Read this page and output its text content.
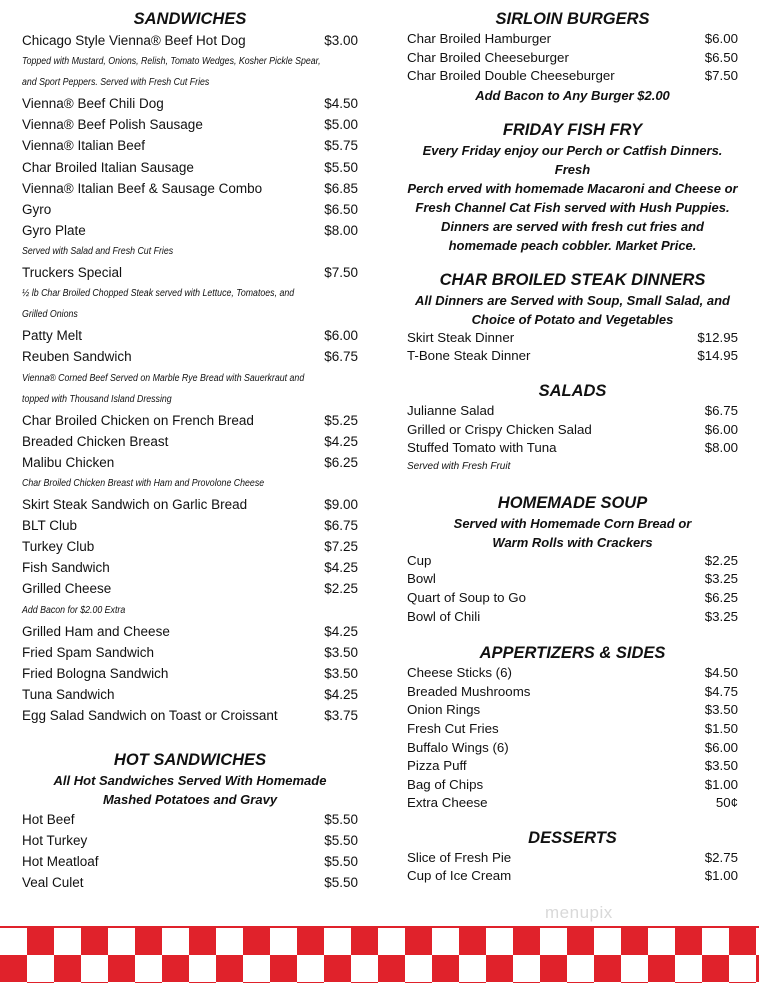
SANDWICHES
Chicago Style Vienna® Beef Hot Dog	$3.00
Topped with Mustard, Onions, Relish, Tomato Wedges, Kosher Pickle Spear,
and Sport Peppers. Served with Fresh Cut Fries
Vienna® Beef Chili Dog	$4.50
Vienna® Beef Polish Sausage	$5.00
Vienna® Italian Beef	$5.75
Char Broiled Italian Sausage	$5.50
Vienna® Italian Beef & Sausage Combo	$6.85
Gyro	$6.50
Gyro Plate	$8.00
Served with Salad and Fresh Cut Fries
Truckers Special	$7.50
½ lb Char Broiled Chopped Steak served with Lettuce, Tomatoes, and
Grilled Onions
Patty Melt	$6.00
Reuben Sandwich	$6.75
Vienna® Corned Beef Served on Marble Rye Bread with Sauerkraut and
topped with Thousand Island Dressing
Char Broiled Chicken on French Bread	$5.25
Breaded Chicken Breast	$4.25
Malibu Chicken	$6.25
Char Broiled Chicken Breast with Ham and Provolone Cheese
Skirt Steak Sandwich on Garlic Bread	$9.00
BLT Club	$6.75
Turkey Club	$7.25
Fish Sandwich	$4.25
Grilled Cheese	$2.25
Add Bacon for $2.00 Extra
Grilled Ham and Cheese	$4.25
Fried Spam Sandwich	$3.50
Fried Bologna Sandwich	$3.50
Tuna Sandwich	$4.25
Egg Salad Sandwich on Toast or Croissant	$3.75
HOT SANDWICHES
All Hot Sandwiches Served With Homemade
Mashed Potatoes and Gravy
Hot Beef	$5.50
Hot Turkey	$5.50
Hot Meatloaf	$5.50
Veal Culet	$5.50
SIRLOIN BURGERS
Char Broiled Hamburger	$6.00
Char Broiled Cheeseburger	$6.50
Char Broiled Double Cheeseburger	$7.50
Add Bacon to Any Burger $2.00
FRIDAY FISH FRY
Every Friday enjoy our Perch or Catfish Dinners. Fresh
Perch erved with homemade Macaroni and Cheese or
Fresh Channel Cat Fish served with Hush Puppies.
Dinners are served with fresh cut fries and
homemade peach cobbler. Market Price.
CHAR BROILED STEAK DINNERS
All Dinners are Served with Soup, Small Salad, and
Choice of Potato and Vegetables
Skirt Steak Dinner	$12.95
T-Bone Steak Dinner	$14.95
SALADS
Julianne Salad	$6.75
Grilled or Crispy Chicken Salad	$6.00
Stuffed Tomato with Tuna	$8.00
Served with Fresh Fruit
HOMEMADE SOUP
Served with Homemade Corn Bread or
Warm Rolls with Crackers
Cup	$2.25
Bowl	$3.25
Quart of Soup to Go	$6.25
Bowl of Chili	$3.25
APPERTIZERS & SIDES
Cheese Sticks (6)	$4.50
Breaded Mushrooms	$4.75
Onion Rings	$3.50
Fresh Cut Fries	$1.50
Buffalo Wings (6)	$6.00
Pizza Puff	$3.50
Bag of Chips	$1.00
Extra Cheese	50¢
DESSERTS
Slice of Fresh Pie	$2.75
Cup of Ice Cream	$1.00
menupix
